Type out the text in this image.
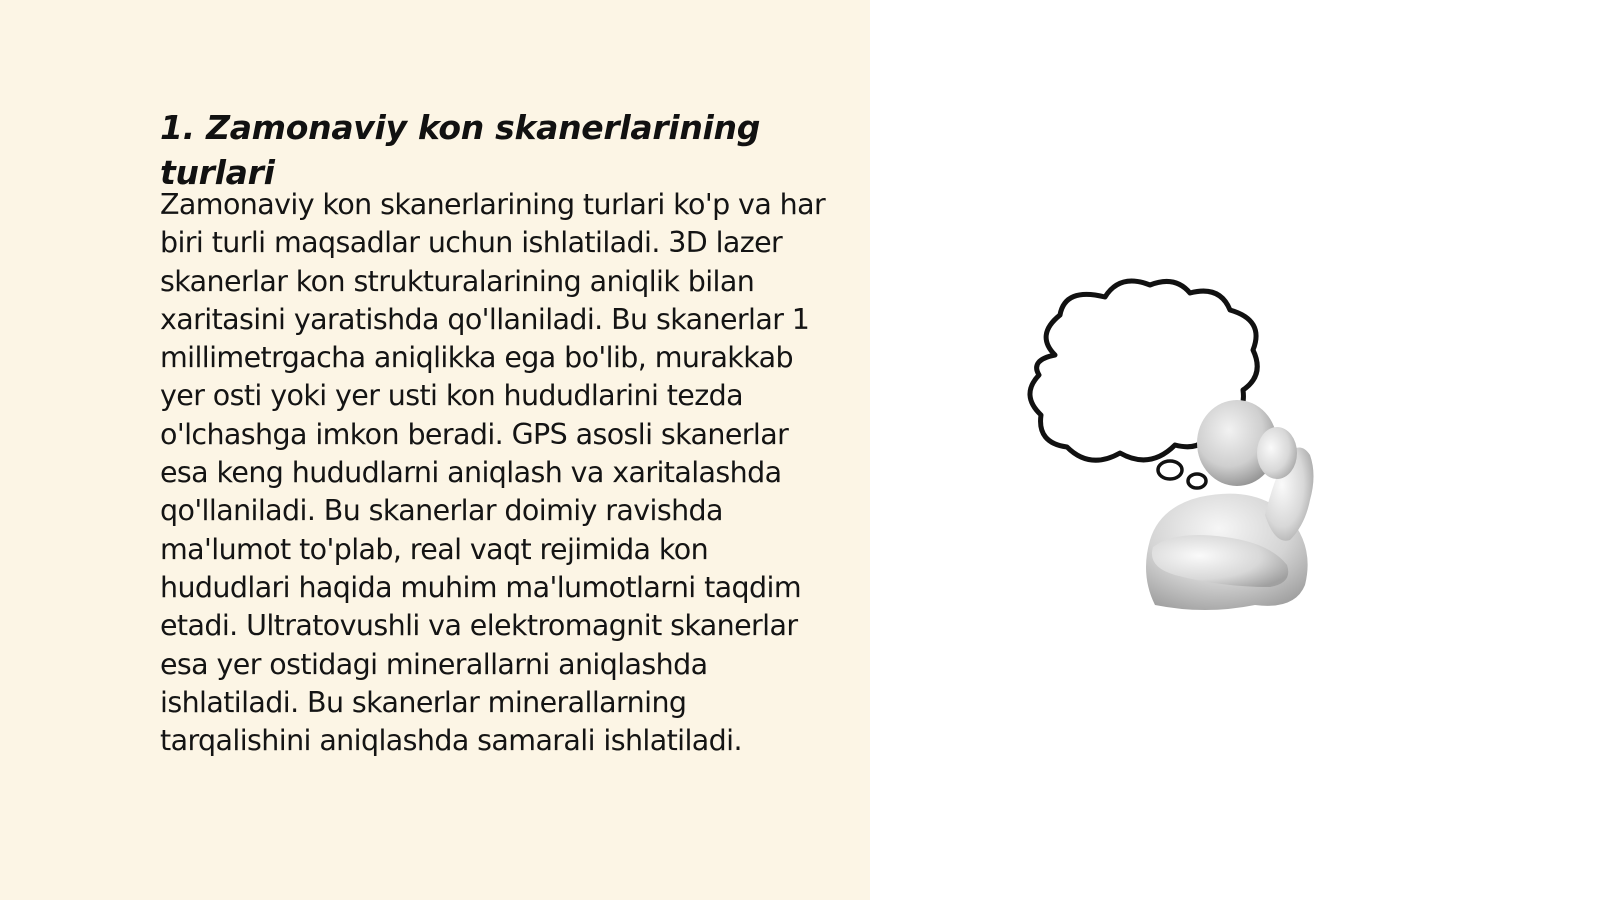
1. Zamonaviy kon skanerlarining turlari

Zamonaviy kon skanerlarining turlari ko'p va har biri turli maqsadlar uchun ishlatiladi. 3D lazer skanerlar kon strukturalarining aniqlik bilan xaritasini yaratishda qo'llaniladi. Bu skanerlar 1 millimetrgacha aniqlikka ega bo'lib, murakkab yer osti yoki yer usti kon hududlarini tezda o'lchashga imkon beradi. GPS asosli skanerlar esa keng hududlarni aniqlash va xaritalashda qo'llaniladi. Bu skanerlar doimiy ravishda ma'lumot to'plab, real vaqt rejimida kon hududlari haqida muhim ma'lumotlarni taqdim etadi. Ultratovushli va elektromagnit skanerlar esa yer ostidagi minerallarni aniqlashda ishlatiladi. Bu skanerlar minerallarning tarqalishini aniqlashda samarali ishlatiladi.
